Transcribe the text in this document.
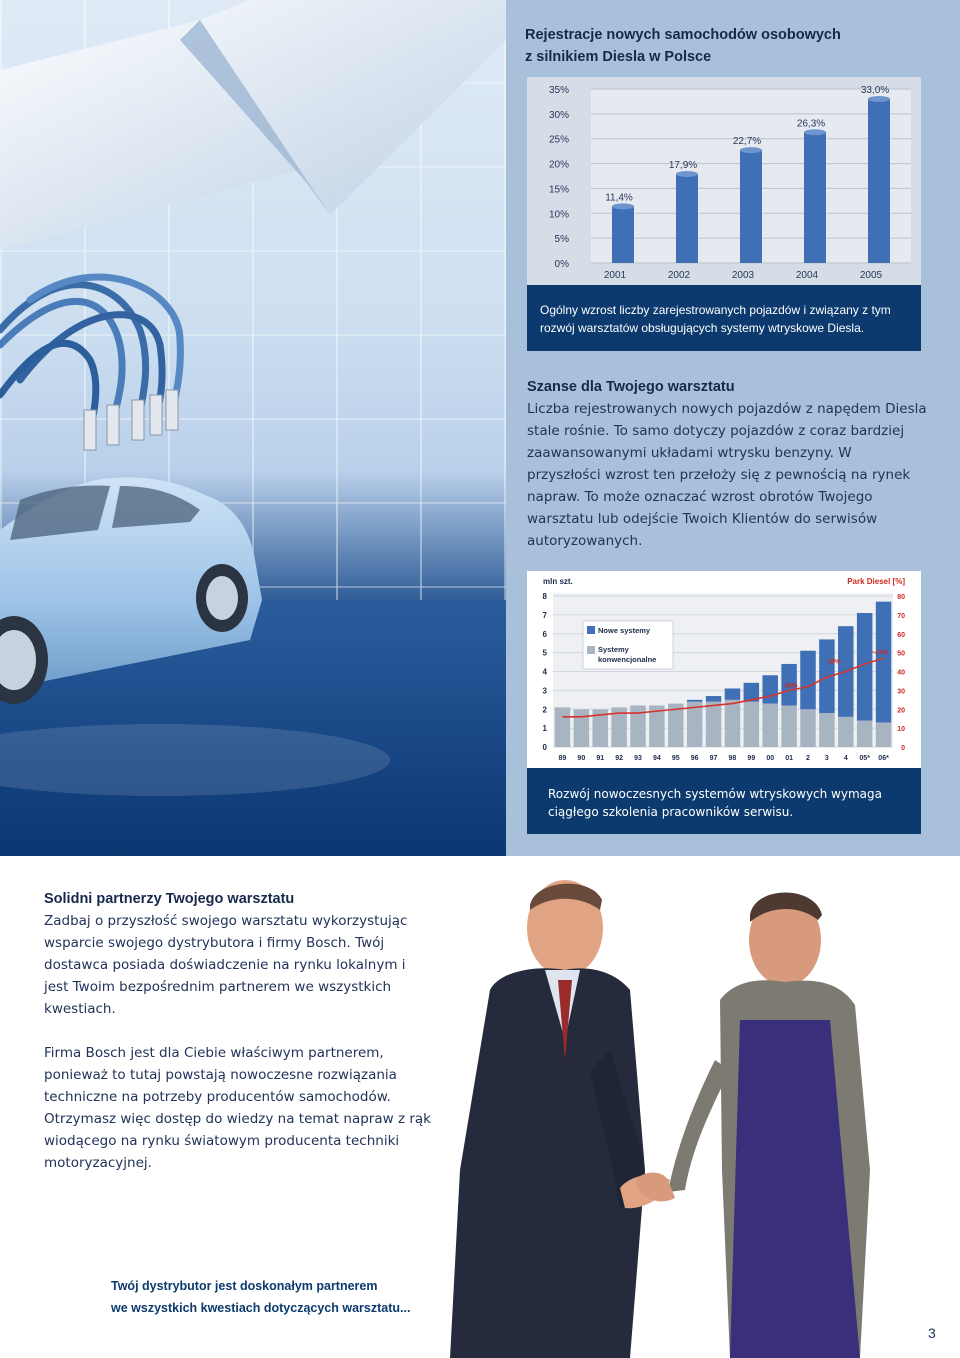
Rejestracje nowych samochodów osobowych
z silnikiem Diesla w Polsce
0%
5%
10%
15%
20%
25%
30%
35%
11,4%
2001
17,9%
2002
22,7%
2003
26,3%
2004
33,0%
2005
Ogólny wzrost liczby zarejestrowanych pojazdów i związany z tym rozwój warsztatów obsługujących systemy wtryskowe Diesla.
Szanse dla Twojego warsztatu
Liczba rejestrowanych nowych pojazdów z napędem Diesla stale rośnie. To samo dotyczy pojazdów z coraz bardziej zaawansowanymi układami wtrysku benzyny. W przyszłości wzrost ten przełoży się z pewnością na rynek napraw. To może oznaczać wzrost obrotów Twojego warsztatu lub odejście Twoich Klientów do serwisów autoryzowanych.
mln szt.	Park Diesel [%]
0
1
2
3
4
5
6
7
8
0
10
20
30
40
50
60
70
80
89 90 91 92 93 94 95 96 97 98 99 00 01 2 3 4 05* 06*
30%
40%
~47%
Nowe systemy
Systemy
konwencjonalne
Rozwój nowoczesnych systemów wtryskowych wymaga ciągłego szkolenia pracowników serwisu.
Solidni partnerzy Twojego warsztatu
Zadbaj o przyszłość swojego warsztatu wykorzystując wsparcie swojego dystrybutora i firmy Bosch. Twój dostawca posiada doświadczenie na rynku lokalnym i jest Twoim bezpośrednim partnerem we wszystkich kwestiach.
Firma Bosch jest dla Ciebie właściwym partnerem, ponieważ to tutaj powstają nowoczesne rozwiązania techniczne na potrzeby producentów samochodów. Otrzymasz więc dostęp do wiedzy na temat napraw z rąk wiodącego na rynku światowym producenta techniki motoryzacyjnej.
Twój dystrybutor jest doskonałym partnerem
we wszystkich kwestiach dotyczących warsztatu...
3
